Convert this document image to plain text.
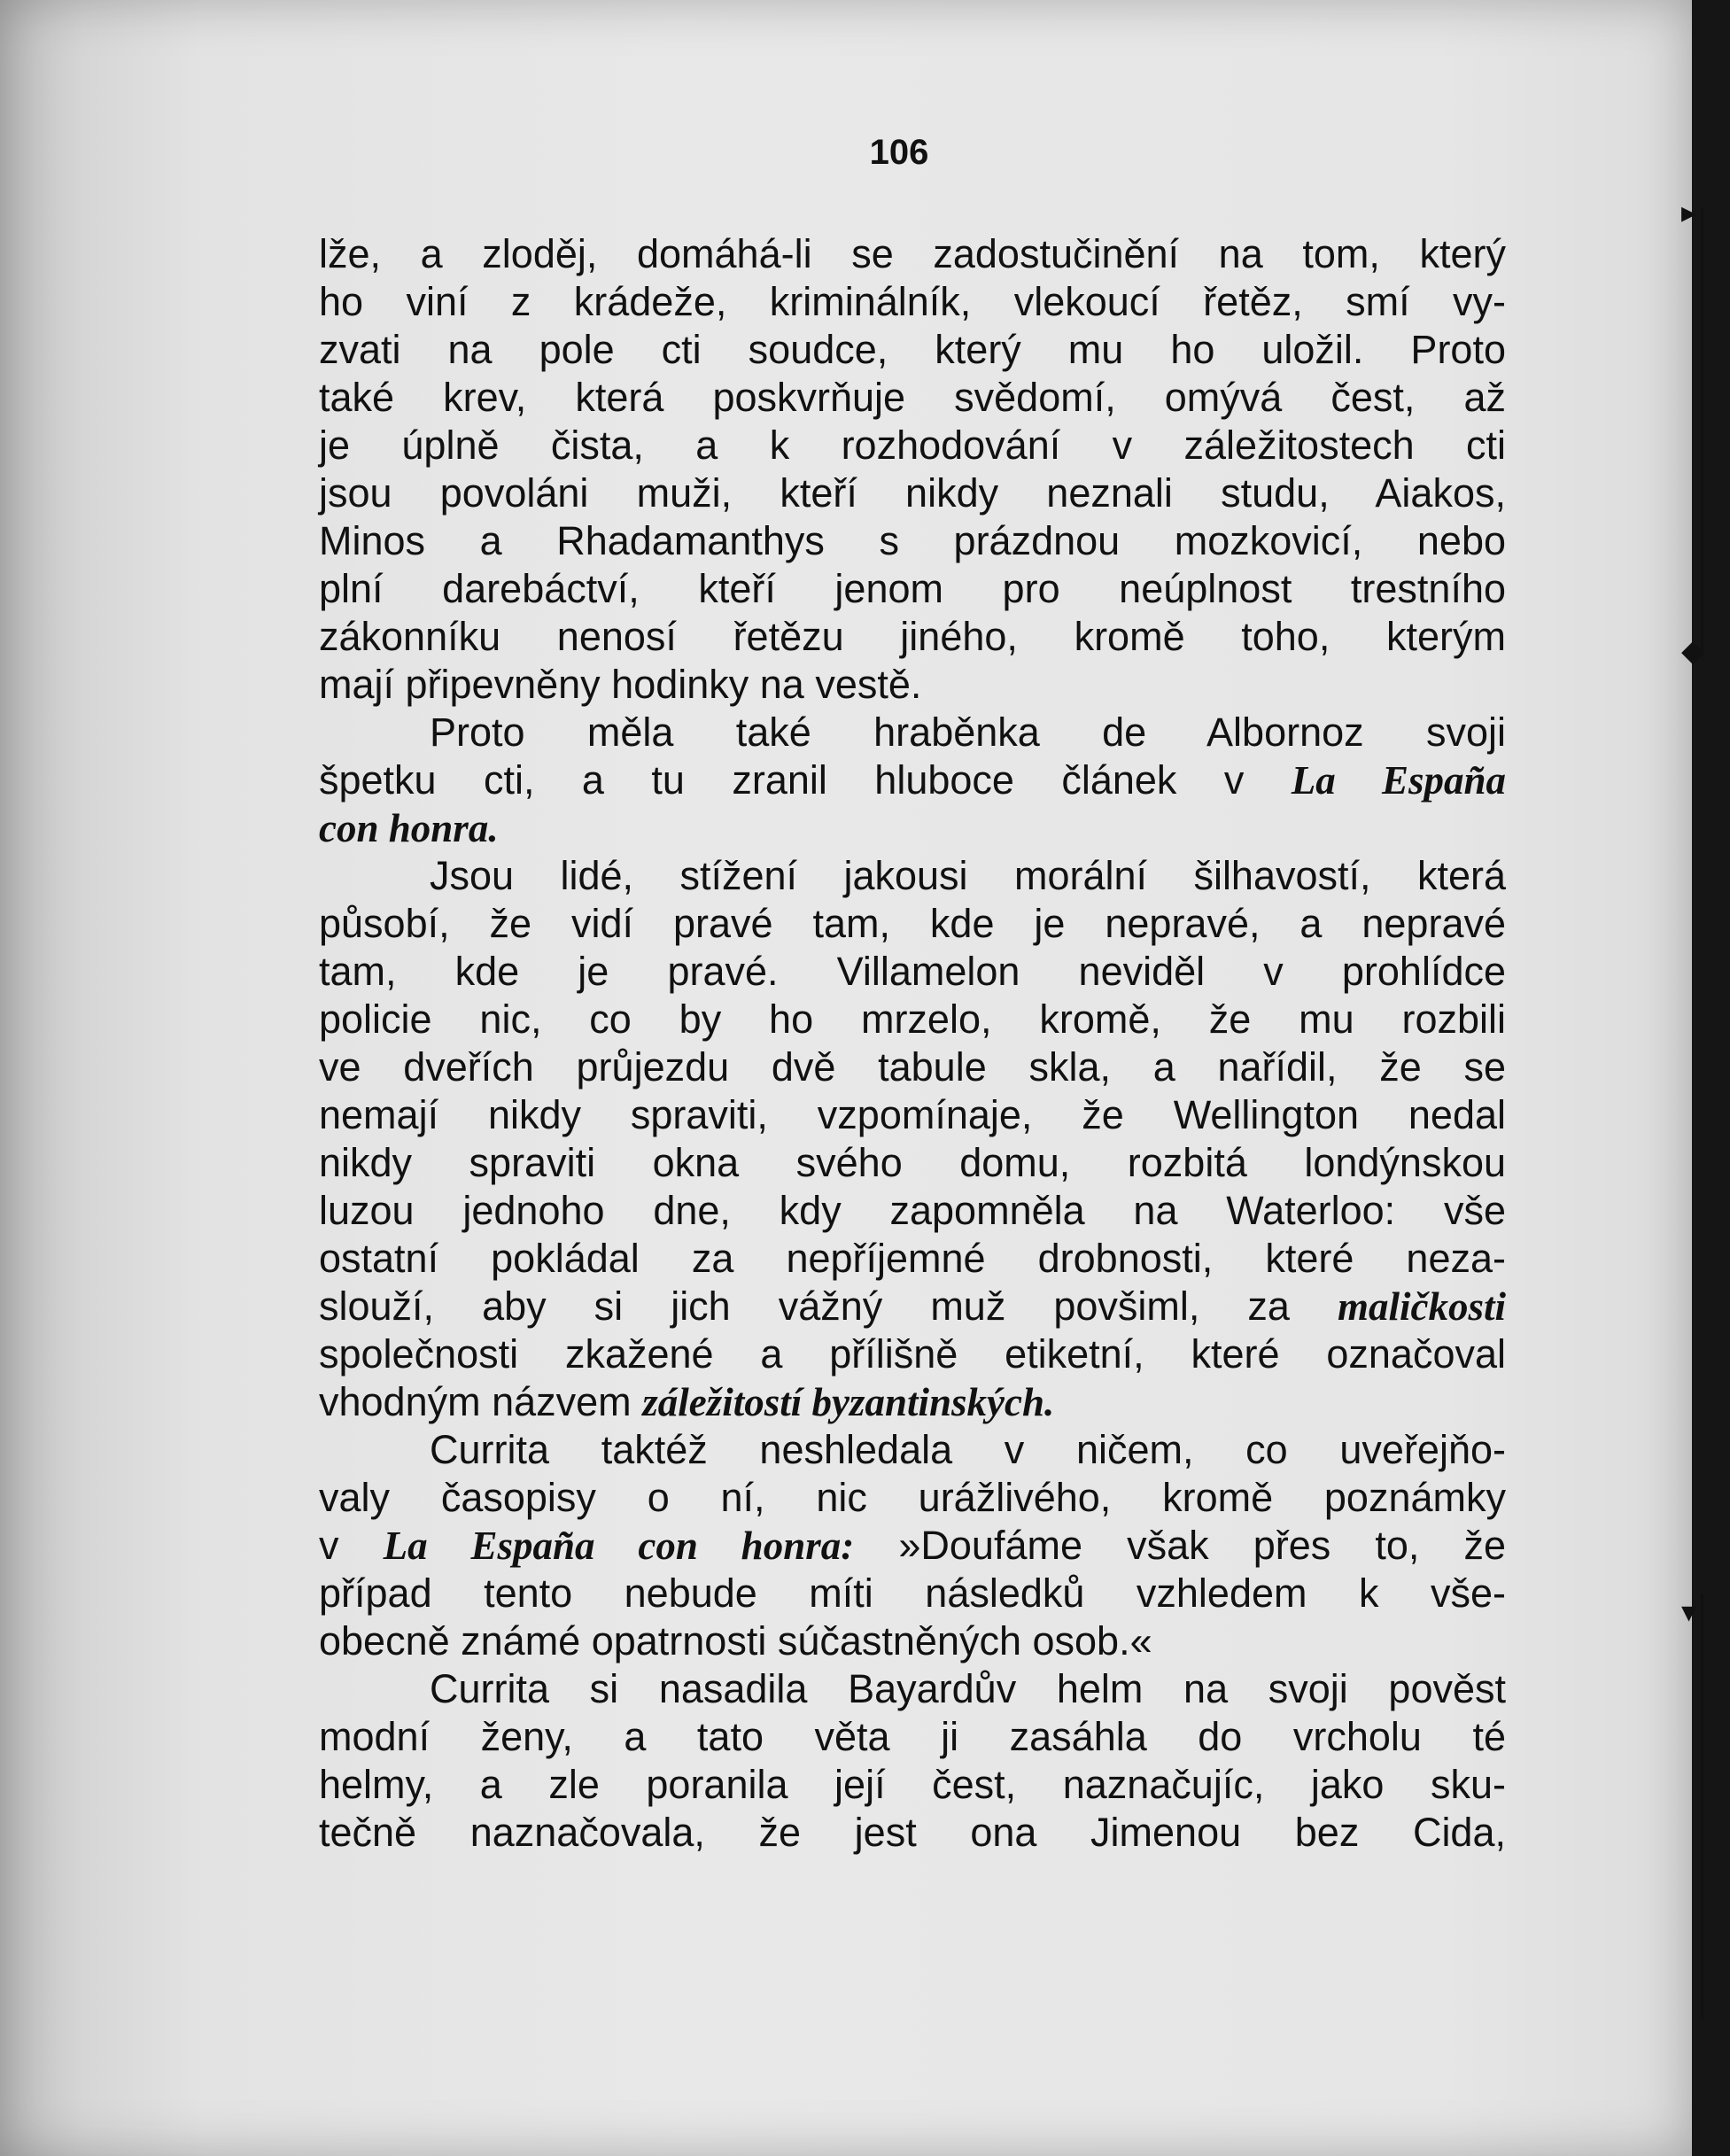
106
lže, a zloděj, domáhá-li se zadostučinění na tom, který
ho viní z krádeže, kriminálník, vlekoucí řetěz, smí vy-
zvati na pole cti soudce, který mu ho uložil. Proto
také krev, která poskvrňuje svědomí, omývá čest, až
je úplně čista, a k rozhodování v záležitostech cti
jsou povoláni muži, kteří nikdy neznali studu, Aiakos,
Minos a Rhadamanthys s prázdnou mozkovicí, nebo
plní darebáctví, kteří jenom pro neúplnost trestního
zákonníku nenosí řetězu jiného, kromě toho, kterým
mají připevněny hodinky na vestě.
Proto měla také hraběnka de Albornoz svoji
špetku cti, a tu zranil hluboce článek v La España
con honra.
Jsou lidé, stížení jakousi morální šilhavostí, která
působí, že vidí pravé tam, kde je nepravé, a nepravé
tam, kde je pravé. Villamelon neviděl v prohlídce
policie nic, co by ho mrzelo, kromě, že mu rozbili
ve dveřích průjezdu dvě tabule skla, a nařídil, že se
nemají nikdy spraviti, vzpomínaje, že Wellington nedal
nikdy spraviti okna svého domu, rozbitá londýnskou
luzou jednoho dne, kdy zapomněla na Waterloo: vše
ostatní pokládal za nepříjemné drobnosti, které neza-
slouží, aby si jich vážný muž povšiml, za maličkosti
společnosti zkažené a přílišně etiketní, které označoval
vhodným názvem záležitostí byzantinských.
Currita taktéž neshledala v ničem, co uveřejňo-
valy časopisy o ní, nic urážlivého, kromě poznámky
v La España con honra: »Doufáme však přes to, že
případ tento nebude míti následků vzhledem k vše-
obecně známé opatrnosti súčastněných osob.«
Currita si nasadila Bayardův helm na svoji pověst
modní ženy, a tato věta ji zasáhla do vrcholu té
helmy, a zle poranila její čest, naznačujíc, jako sku-
tečně naznačovala, že jest ona Jimenou bez Cida,
▸
◆
▾
